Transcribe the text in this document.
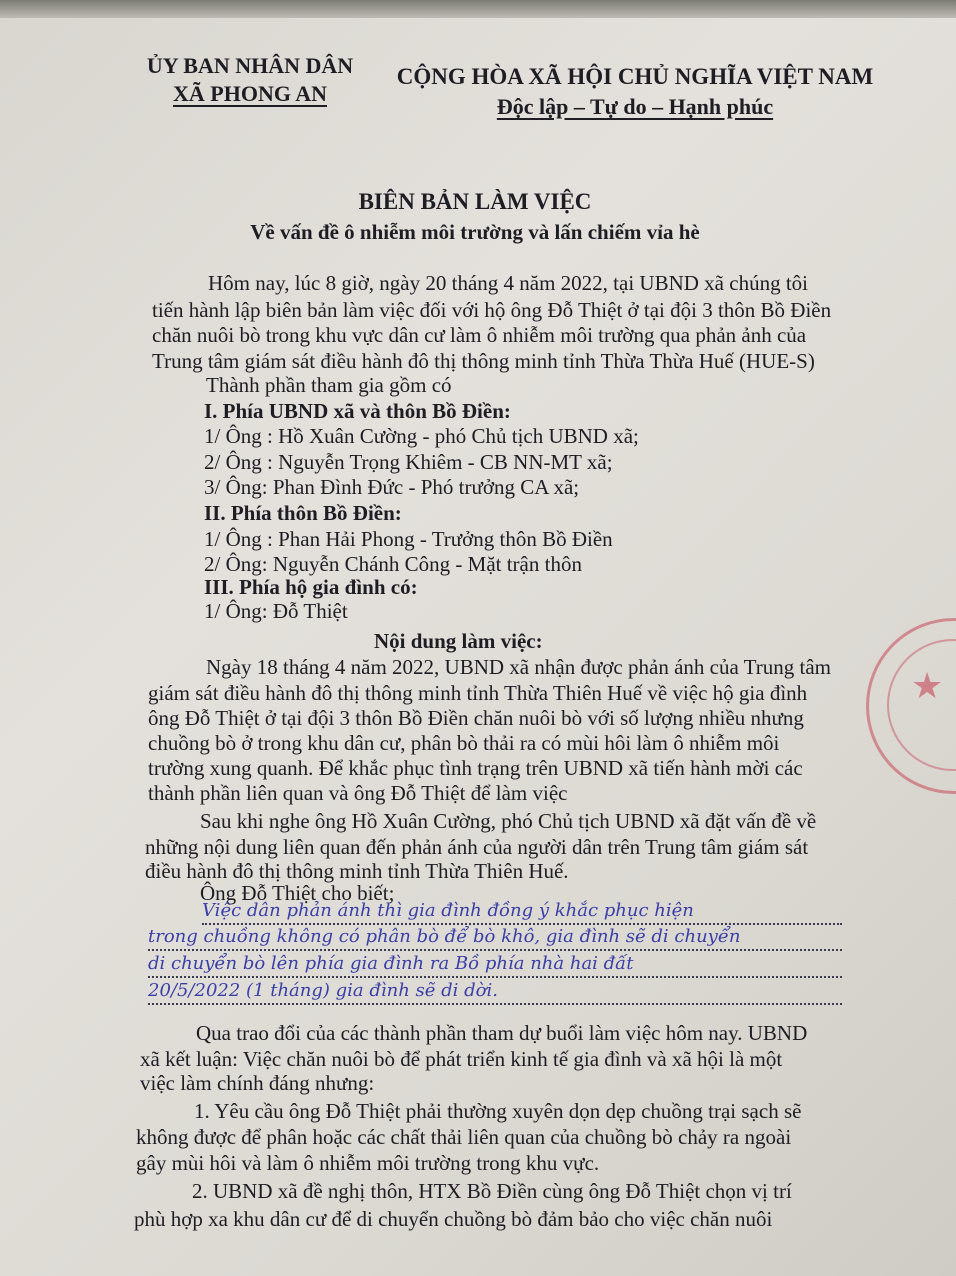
ỦY BAN NHÂN DÂN
XÃ PHONG AN
CỘNG HÒA XÃ HỘI CHỦ NGHĨA VIỆT NAM
Độc lập – Tự do – Hạnh phúc
BIÊN BẢN LÀM VIỆC
Về vấn đề ô nhiễm môi trường và lấn chiếm vỉa hè
Hôm nay, lúc 8 giờ, ngày 20 tháng 4 năm 2022, tại UBND xã chúng tôi
tiến hành lập biên bản làm việc đối với hộ ông Đỗ Thiệt ở tại đội 3 thôn Bồ Điền
chăn nuôi bò trong khu vực dân cư làm ô nhiễm môi trường qua phản ảnh của
Trung tâm giám sát điều hành đô thị thông minh tỉnh Thừa Thừa Huế (HUE-S)
Thành phần tham gia gồm có
I. Phía UBND xã và thôn Bồ Điền:
1/ Ông : Hồ Xuân Cường - phó Chủ tịch UBND xã;
2/ Ông : Nguyễn Trọng Khiêm - CB NN-MT xã;
3/ Ông: Phan Đình Đức - Phó trưởng CA xã;
II. Phía thôn Bồ Điền:
1/ Ông : Phan Hải Phong - Trưởng thôn Bồ Điền
2/ Ông: Nguyễn Chánh Công - Mặt trận thôn
III. Phía hộ gia đình có:
1/ Ông: Đỗ Thiệt
Nội dung làm việc:
Ngày 18 tháng 4 năm 2022, UBND xã nhận được phản ánh của Trung tâm
giám sát điều hành đô thị thông minh tỉnh Thừa Thiên Huế về việc hộ gia đình
ông Đỗ Thiệt ở tại đội 3 thôn Bồ Điền chăn nuôi bò với số lượng nhiều nhưng
chuồng bò ở trong khu dân cư, phân bò thải ra có mùi hôi làm ô nhiễm môi
trường xung quanh. Để khắc phục tình trạng trên UBND xã tiến hành mời các
thành phần liên quan và ông Đỗ Thiệt để làm việc
Sau khi nghe ông Hồ Xuân Cường, phó Chủ tịch UBND xã đặt vấn đề về
những nội dung liên quan đến phản ánh của người dân trên Trung tâm giám sát
điều hành đô thị thông minh tỉnh Thừa Thiên Huế.
Ông Đỗ Thiệt cho biết;
Việc dân phản ánh thì gia đình đồng ý khắc phục hiện
trong chuồng không có phân bò để bò khô, gia đình sẽ di chuyển
di chuyển bò lên phía gia đình ra Bồ phía nhà hai đất
20/5/2022 (1 tháng) gia đình sẽ di dời.
Qua trao đổi của các thành phần tham dự buổi làm việc hôm nay. UBND
xã kết luận: Việc chăn nuôi bò để phát triển kinh tế gia đình và xã hội là một
việc làm chính đáng nhưng:
1. Yêu cầu ông Đỗ Thiệt phải thường xuyên dọn dẹp chuồng trại sạch sẽ
không được để phân hoặc các chất thải liên quan của chuồng bò chảy ra ngoài
gây mùi hôi và làm ô nhiễm môi trường trong khu vực.
2. UBND xã đề nghị thôn, HTX Bồ Điền cùng ông Đỗ Thiệt chọn vị trí
phù hợp xa khu dân cư để di chuyển chuồng bò đảm bảo cho việc chăn nuôi
★
